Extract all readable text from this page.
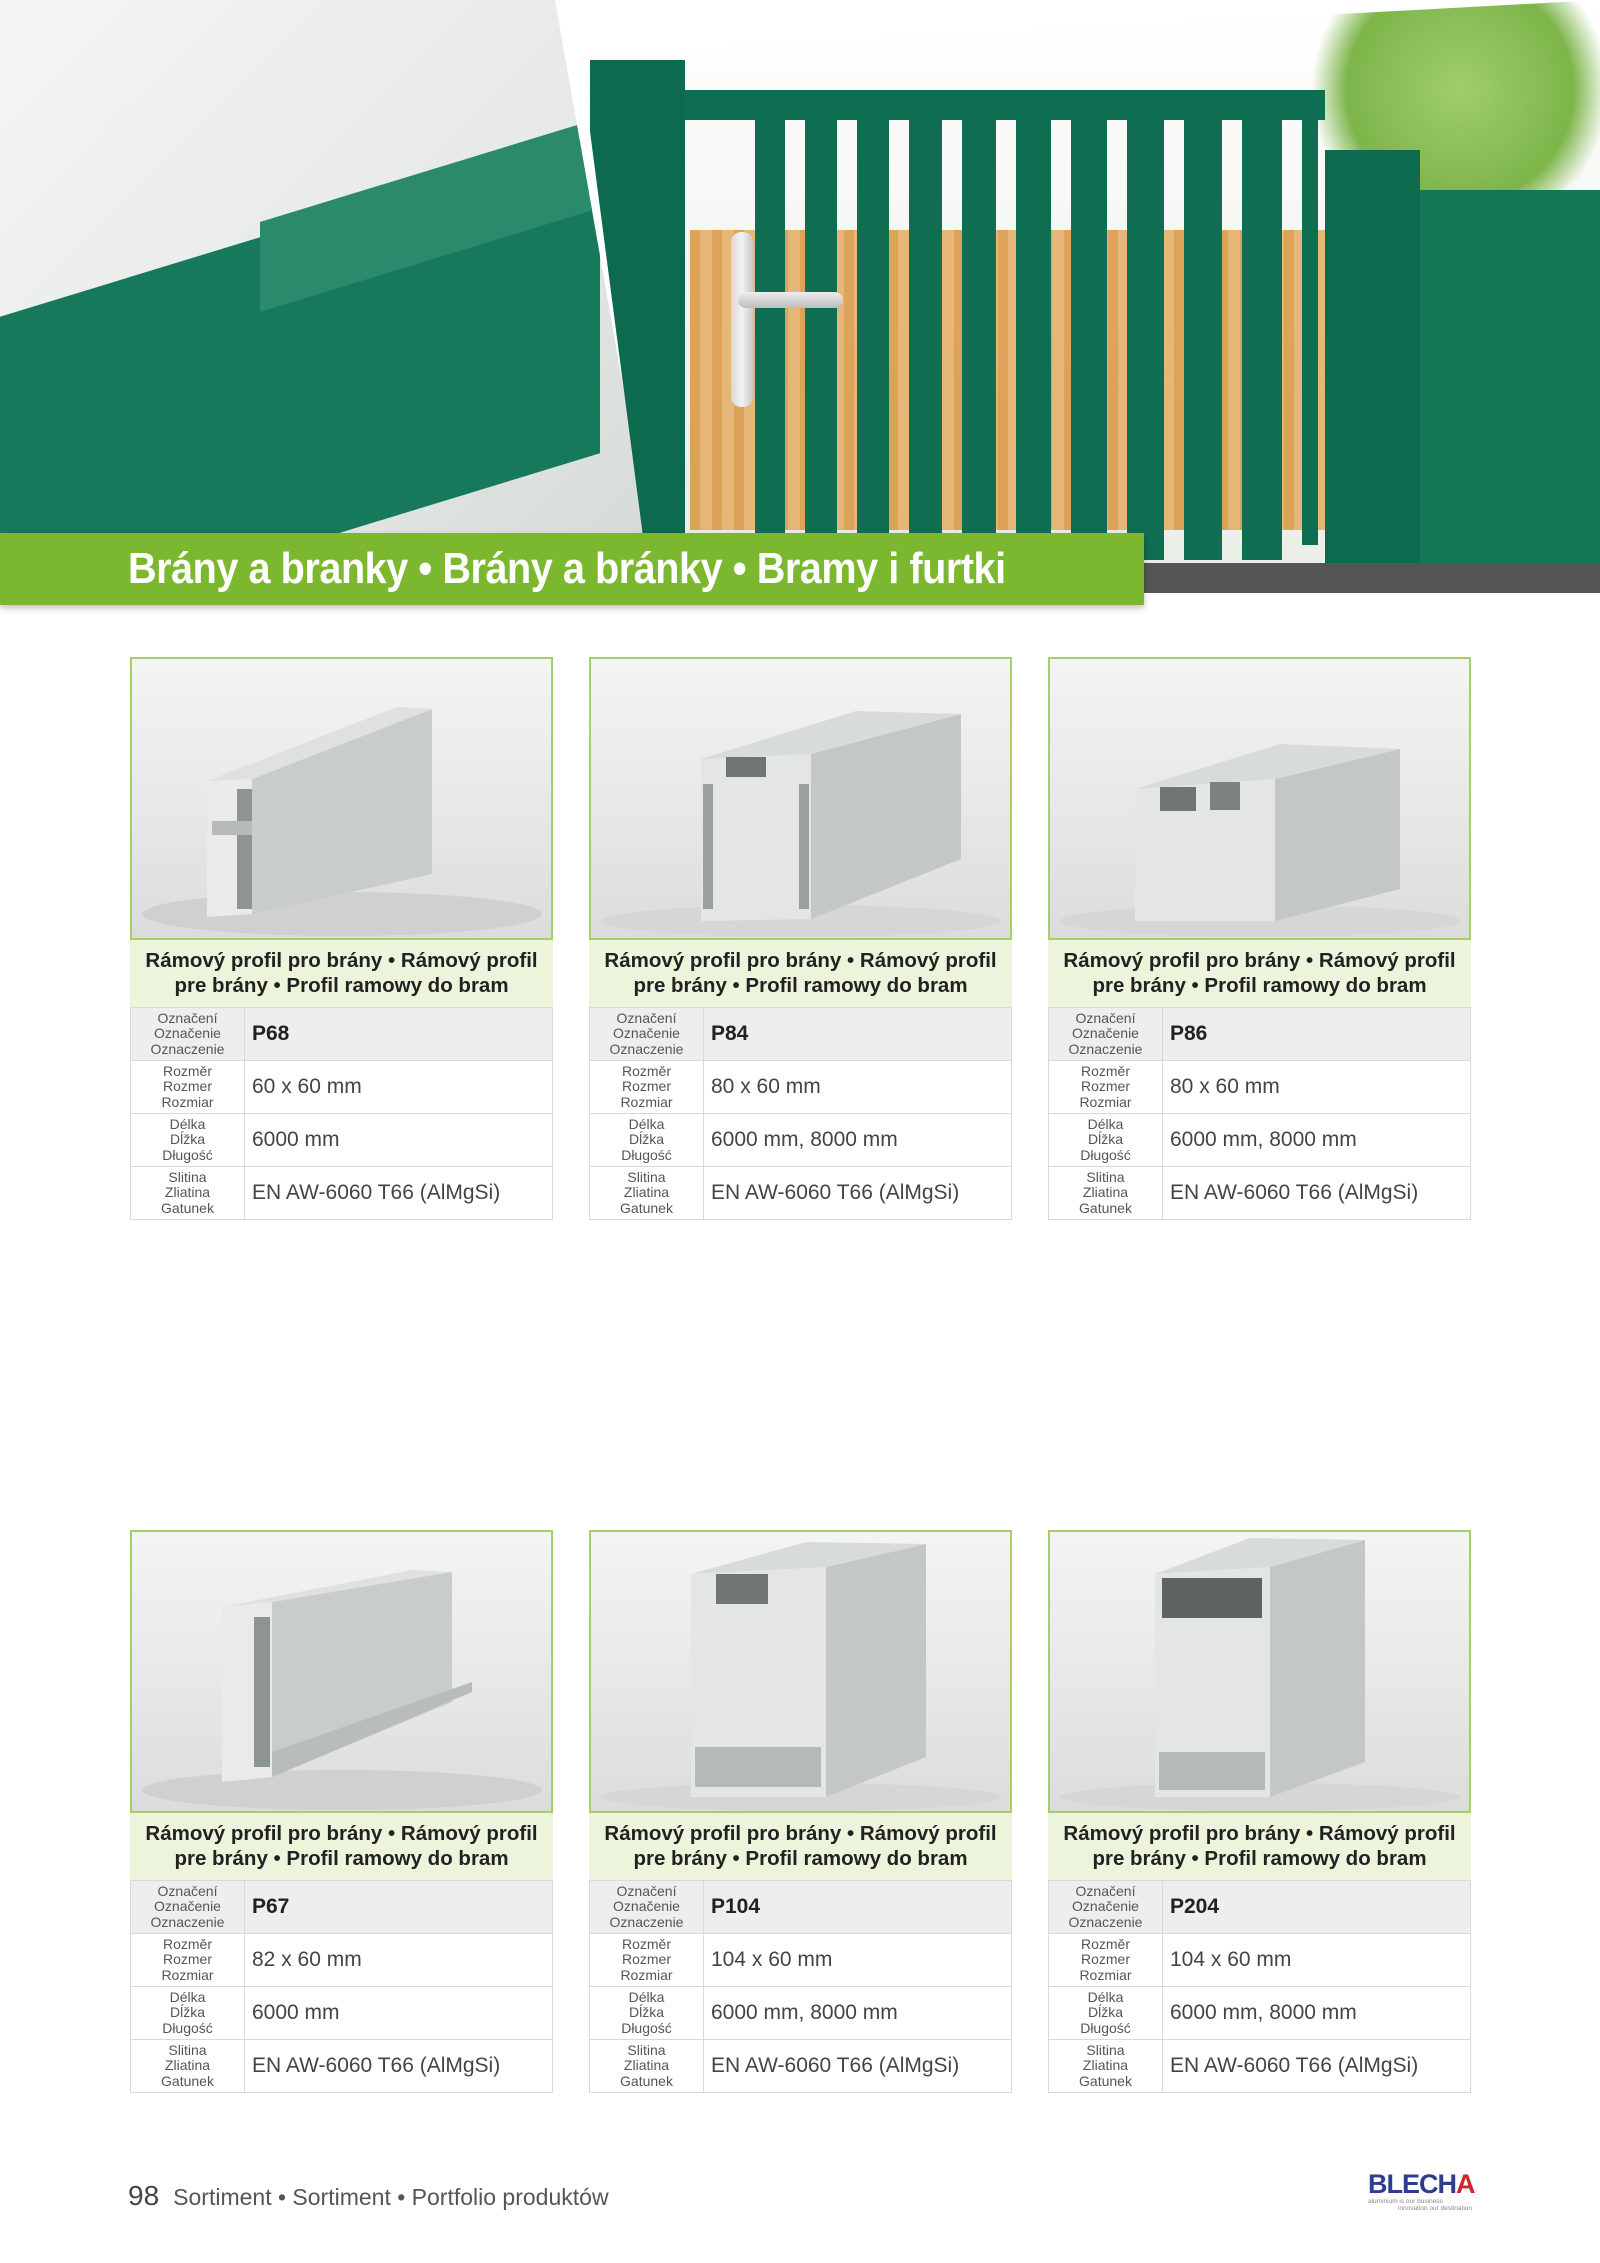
Brány a branky • Brány a bránky • Bramy i furtki
Rámový profil pro brány • Rámový profil
pre brány • Profil ramowy do bram
Označení
Označenie
Oznaczenie	P68

Rozměr
Rozmer
Rozmiar	60 x 60 mm

Délka
Dĺžka
Długość	6000 mm

Slitina
Zliatina
Gatunek	EN AW-6060 T66 (AlMgSi)
Rámový profil pro brány • Rámový profil
pre brány • Profil ramowy do bram
Označení
Označenie
Oznaczenie	P84

Rozměr
Rozmer
Rozmiar	80 x 60 mm

Délka
Dĺžka
Długość	6000 mm, 8000 mm

Slitina
Zliatina
Gatunek	EN AW-6060 T66 (AlMgSi)
Rámový profil pro brány • Rámový profil
pre brány • Profil ramowy do bram
Označení
Označenie
Oznaczenie	P86

Rozměr
Rozmer
Rozmiar	80 x 60 mm

Délka
Dĺžka
Długość	6000 mm, 8000 mm

Slitina
Zliatina
Gatunek	EN AW-6060 T66 (AlMgSi)
Rámový profil pro brány • Rámový profil
pre brány • Profil ramowy do bram
Označení
Označenie
Oznaczenie	P67

Rozměr
Rozmer
Rozmiar	82 x 60 mm

Délka
Dĺžka
Długość	6000 mm

Slitina
Zliatina
Gatunek	EN AW-6060 T66 (AlMgSi)
Rámový profil pro brány • Rámový profil
pre brány • Profil ramowy do bram
Označení
Označenie
Oznaczenie	P104

Rozměr
Rozmer
Rozmiar	104 x 60 mm

Délka
Dĺžka
Długość	6000 mm, 8000 mm

Slitina
Zliatina
Gatunek	EN AW-6060 T66 (AlMgSi)
Rámový profil pro brány • Rámový profil
pre brány • Profil ramowy do bram
Označení
Označenie
Oznaczenie	P204

Rozměr
Rozmer
Rozmiar	104 x 60 mm

Délka
Dĺžka
Długość	6000 mm, 8000 mm

Slitina
Zliatina
Gatunek	EN AW-6060 T66 (AlMgSi)
98 Sortiment • Sortiment • Portfolio produktów	BLECHA
aluminium is our business
innovation our destination
